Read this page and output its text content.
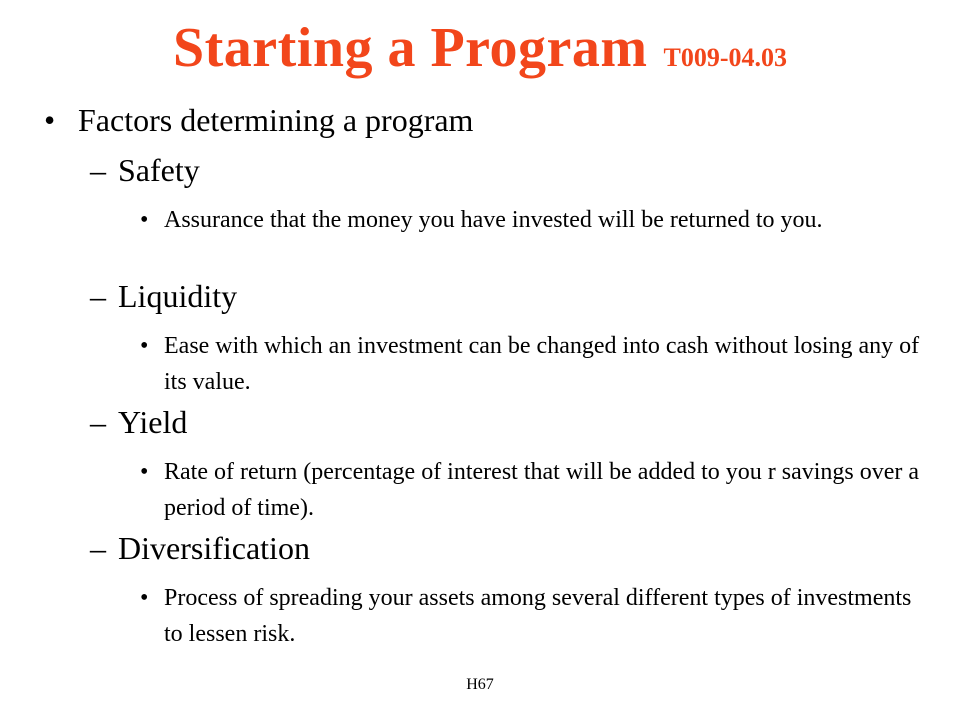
Starting a Program T009-04.03
• Factors determining a program
– Safety
• Assurance that the money you have invested will be returned to you.
– Liquidity
• Ease with which an investment can be changed into cash without losing any of its value.
– Yield
• Rate of return (percentage of interest that will be added to you r savings over a period of time).
– Diversification
• Process of spreading your assets among several different types of investments to lessen risk.
H67
